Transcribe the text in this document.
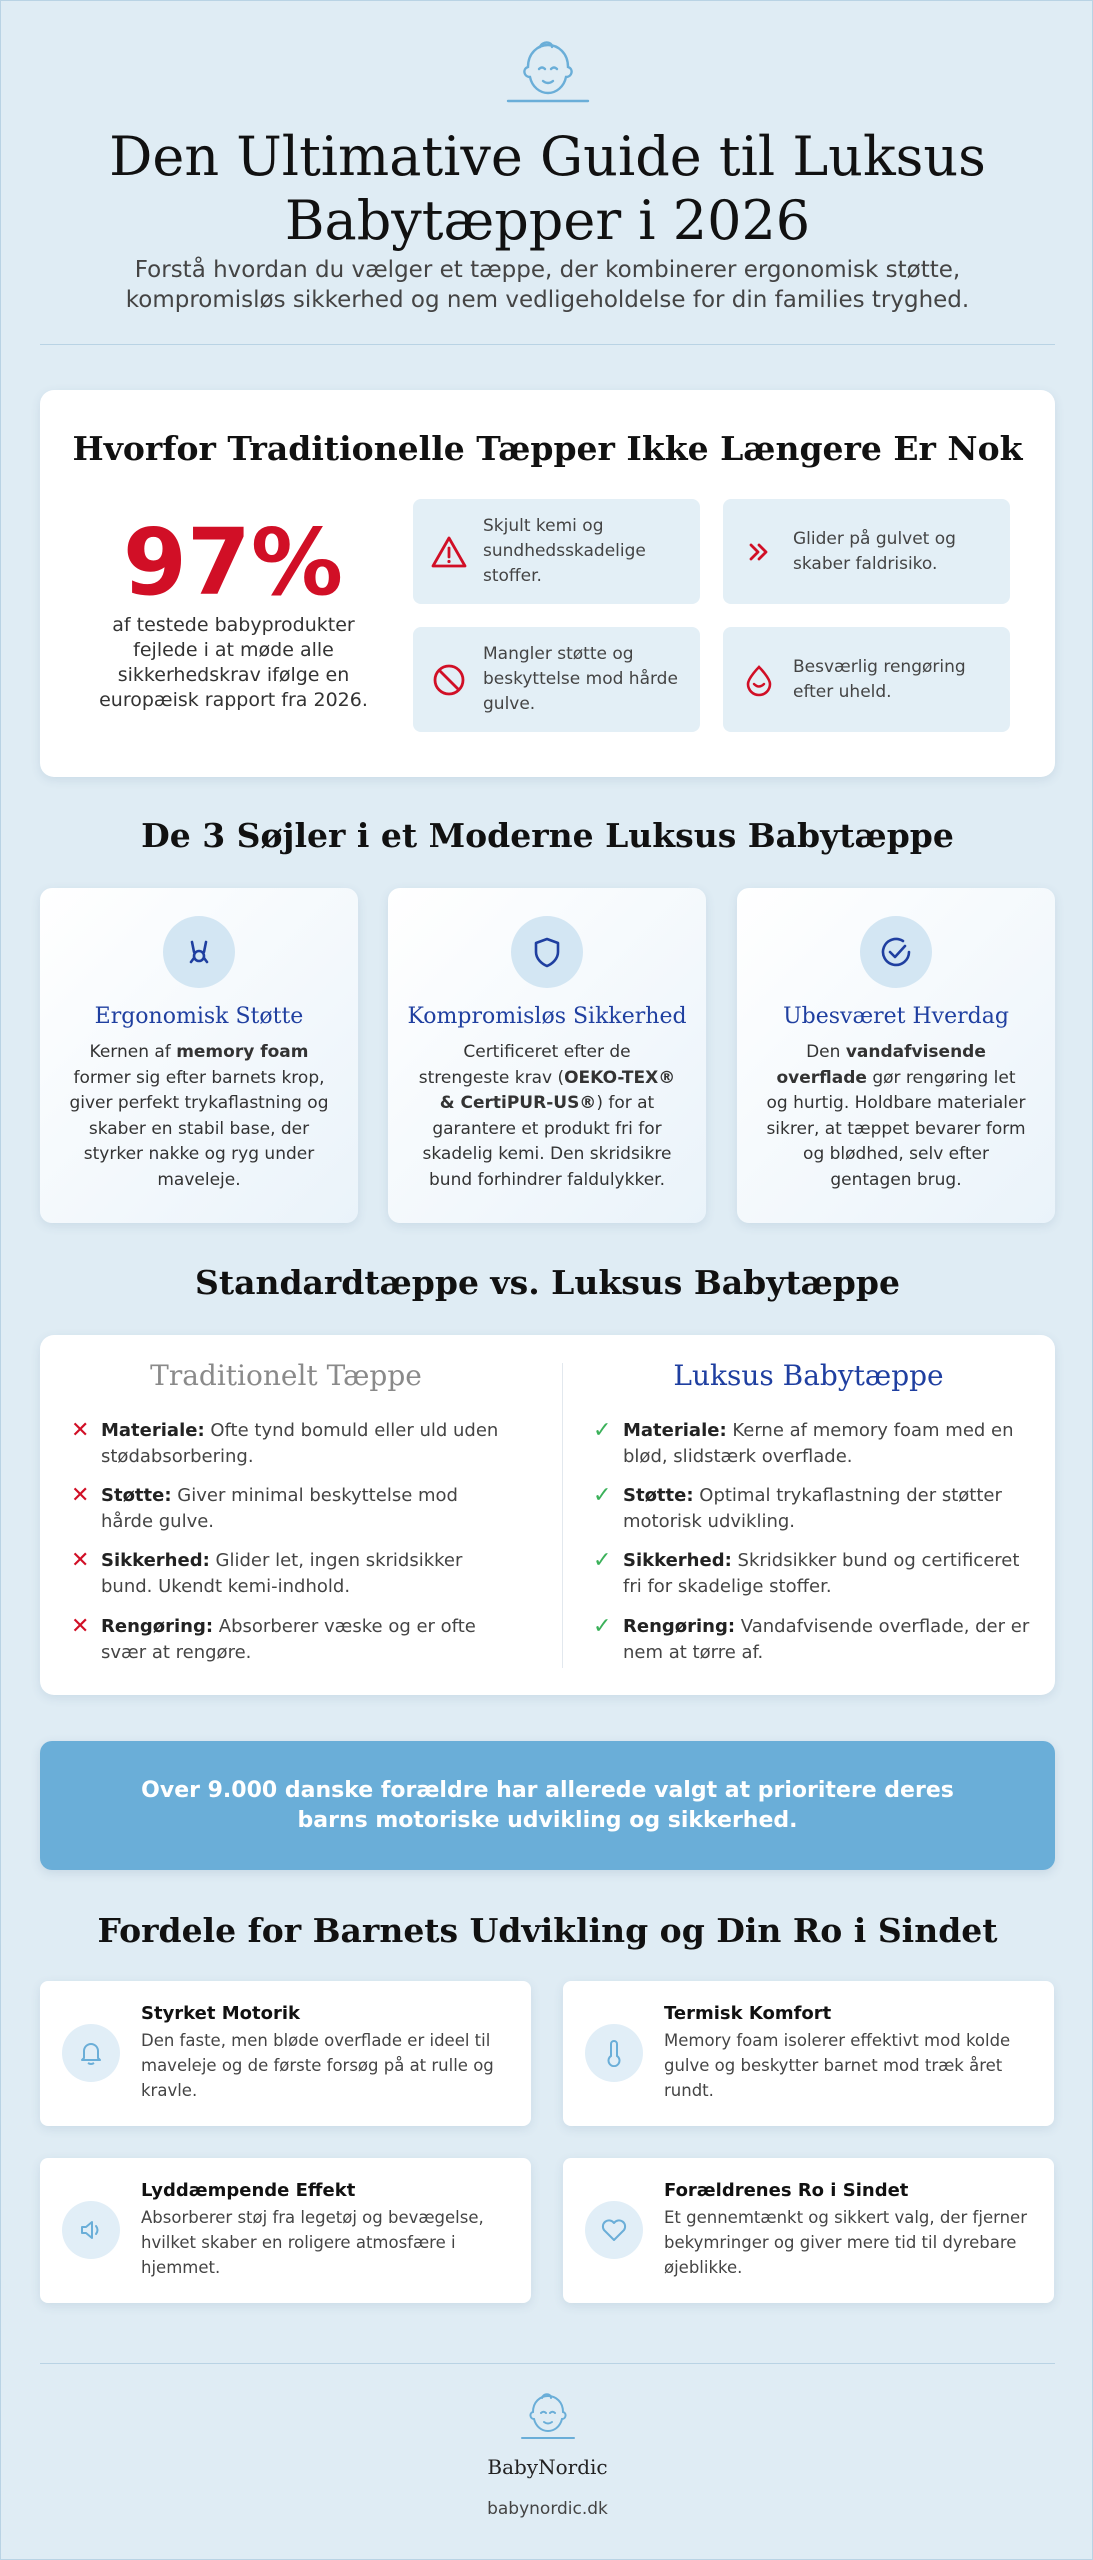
Den Ultimative Guide til Luksus
Babytæpper i 2026

Forstå hvordan du vælger et tæppe, der kombinerer ergonomisk støtte,
kompromisløs sikkerhed og nem vedligeholdelse for din families tryghed.

Hvorfor Traditionelle Tæpper Ikke Længere Er Nok
97%

af testede babyprodukter fejlede i at møde alle sikkerhedskrav ifølge en europæisk rapport fra 2026.

Skjult kemi og sundhedsskadelige stoffer.
Glider på gulvet og skaber faldrisiko.
Mangler støtte og beskyttelse mod hårde gulve.
Besværlig rengøring efter uheld.
De 3 Søjler i et Moderne Luksus Babytæppe
Ergonomisk Støtte

Kernen af memory foam former sig efter barnets krop, giver perfekt trykaflastning og skaber en stabil base, der styrker nakke og ryg under maveleje.

Kompromisløs Sikkerhed

Certificeret efter de strengeste krav (OEKO-TEX® & CertiPUR-US®) for at garantere et produkt fri for skadelig kemi. Den skridsikre bund forhindrer faldulykker.

Ubesværet Hverdag

Den vandafvisende overflade gør rengøring let og hurtig. Holdbare materialer sikrer, at tæppet bevarer form og blødhed, selv efter gentagen brug.

Standardtæppe vs. Luksus Babytæppe
Traditionelt Tæppe	Luksus Babytæppe
✕ Materiale: Ofte tynd bomuld eller uld uden stødabsorbering.
✕ Støtte: Giver minimal beskyttelse mod hårde gulve.
✕ Sikkerhed: Glider let, ingen skridsikker bund. Ukendt kemi-indhold.
✕ Rengøring: Absorberer væske og er ofte svær at rengøre.
✓ Materiale: Kerne af memory foam med en blød, slidstærk overflade.
✓ Støtte: Optimal trykaflastning der støtter motorisk udvikling.
✓ Sikkerhed: Skridsikker bund og certificeret fri for skadelige stoffer.
✓ Rengøring: Vandafvisende overflade, der er nem at tørre af.
Over 9.000 danske forældre har allerede valgt at prioritere deres barns motoriske udvikling og sikkerhed.
Fordele for Barnets Udvikling og Din Ro i Sindet
Styrket Motorik

Den faste, men bløde overflade er ideel til maveleje og de første forsøg på at rulle og kravle.

Termisk Komfort

Memory foam isolerer effektivt mod kolde gulve og beskytter barnet mod træk året rundt.

Lyddæmpende Effekt

Absorberer støj fra legetøj og bevægelse, hvilket skaber en roligere atmosfære i hjemmet.

Forældrenes Ro i Sindet

Et gennemtænkt og sikkert valg, der fjerner bekymringer og giver mere tid til dyrebare øjeblikke.

BabyNordic
babynordic.dk
